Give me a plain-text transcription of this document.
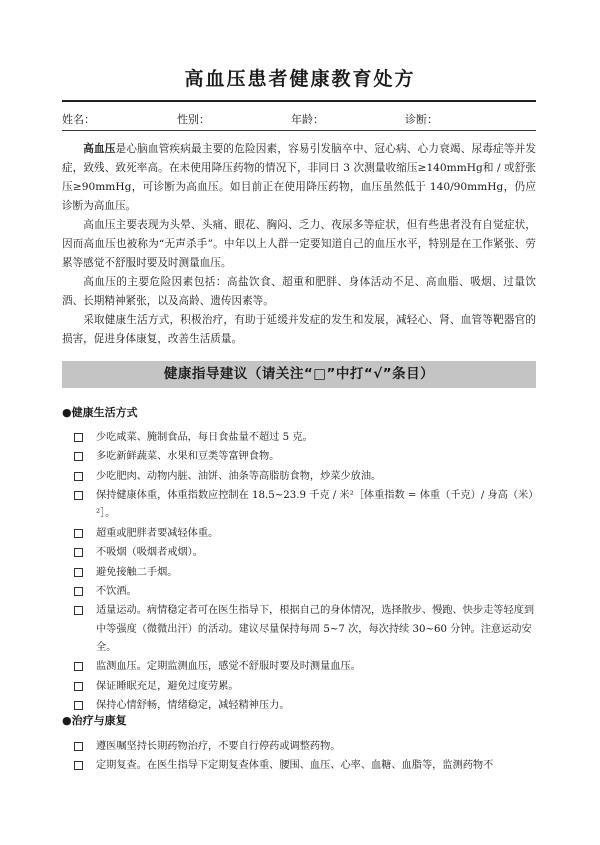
高血压患者健康教育处方
姓名：	性别：	年龄：	诊断：

高血压是心脑血管疾病最主要的危险因素，容易引发脑卒中、冠心病、心力衰竭、尿毒症等并发症，致残、致死率高。在未使用降压药物的情况下，非同日 3 次测量收缩压≥140mmHg和 / 或舒张压≥90mmHg，可诊断为高血压。如目前正在使用降压药物，血压虽然低于 140/90mmHg，仍应诊断为高血压。

高血压主要表现为头晕、头痛、眼花、胸闷、乏力、夜尿多等症状，但有些患者没有自觉症状，因而高血压也被称为“无声杀手”。中年以上人群一定要知道自己的血压水平，特别是在工作紧张、劳累等感觉不舒服时要及时测量血压。

高血压的主要危险因素包括：高盐饮食、超重和肥胖、身体活动不足、高血脂、吸烟、过量饮酒、长期精神紧张，以及高龄、遗传因素等。

采取健康生活方式，积极治疗，有助于延缓并发症的发生和发展，减轻心、肾、血管等靶器官的损害，促进身体康复，改善生活质量。

健康指导建议（请关注“□”中打“√”条目）
●健康生活方式
少吃咸菜、腌制食品，每日食盐量不超过 5 克。
多吃新鲜蔬菜、水果和豆类等富钾食物。
少吃肥肉、动物内脏、油饼、油条等高脂肪食物，炒菜少放油。
保持健康体重，体重指数应控制在 18.5~23.9 千克 / 米²［体重指数 = 体重（千克）/ 身高（米）²］。
超重或肥胖者要减轻体重。
不吸烟（吸烟者戒烟）。
避免接触二手烟。
不饮酒。
适量运动。病情稳定者可在医生指导下，根据自己的身体情况，选择散步、慢跑、快步走等轻度到中等强度（微微出汗）的活动。建议尽量保持每周 5~7 次，每次持续 30~60 分钟。注意运动安全。
监测血压。定期监测血压，感觉不舒服时要及时测量血压。
保证睡眠充足，避免过度劳累。
保持心情舒畅，情绪稳定，减轻精神压力。
●治疗与康复
遵医嘱坚持长期药物治疗，不要自行停药或调整药物。
定期复查。在医生指导下定期复查体重、腰围、血压、心率、血糖、血脂等，监测药物不
